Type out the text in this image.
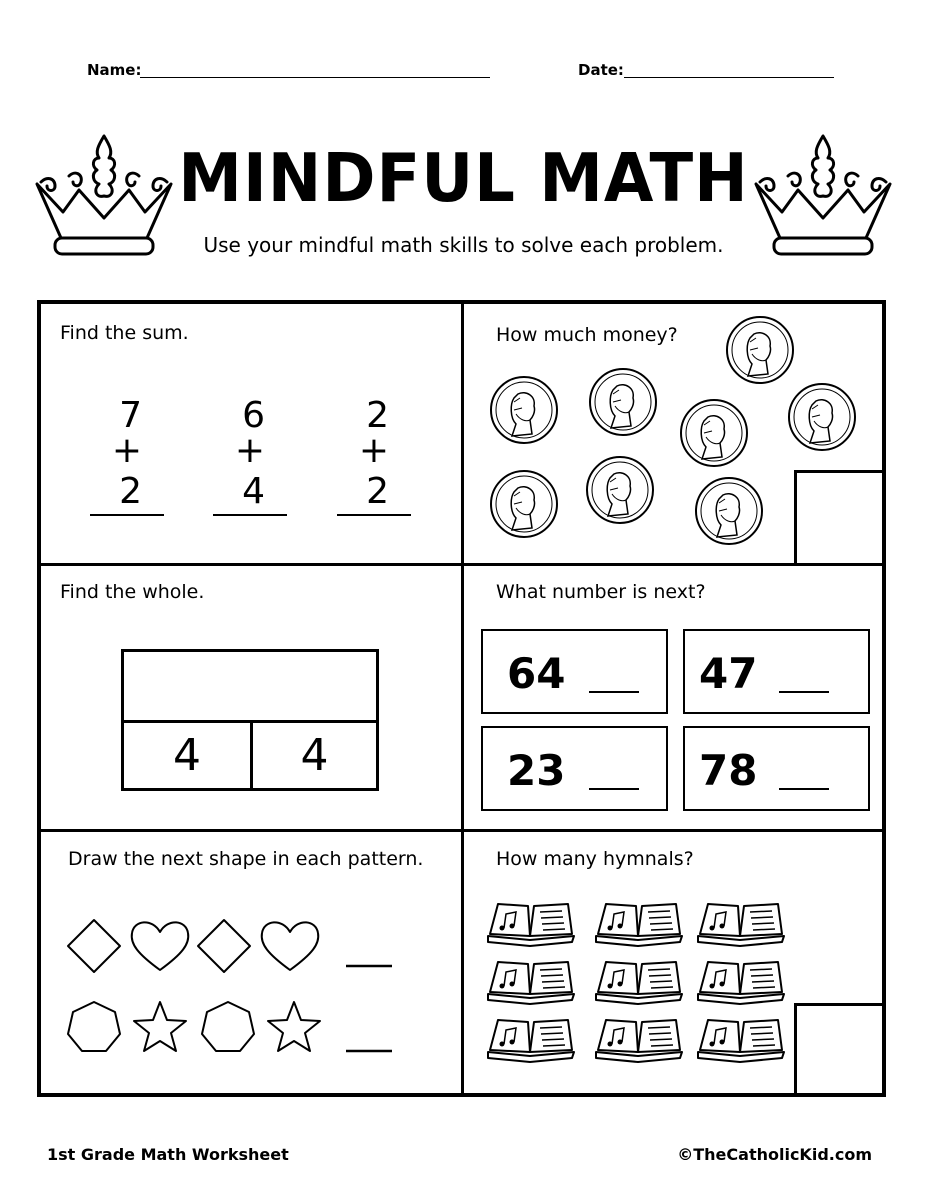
Name:	Date:
MINDFUL MATH
Use your mindful math skills to solve each problem.
Find the sum.
7
+ 2
6
+ 4
2
+ 2
How much money?
Find the whole.
4	4
What number is next?
64	47
23	78
Draw the next shape in each pattern.	How many hymnals?
1st Grade Math Worksheet	©TheCatholicKid.com
